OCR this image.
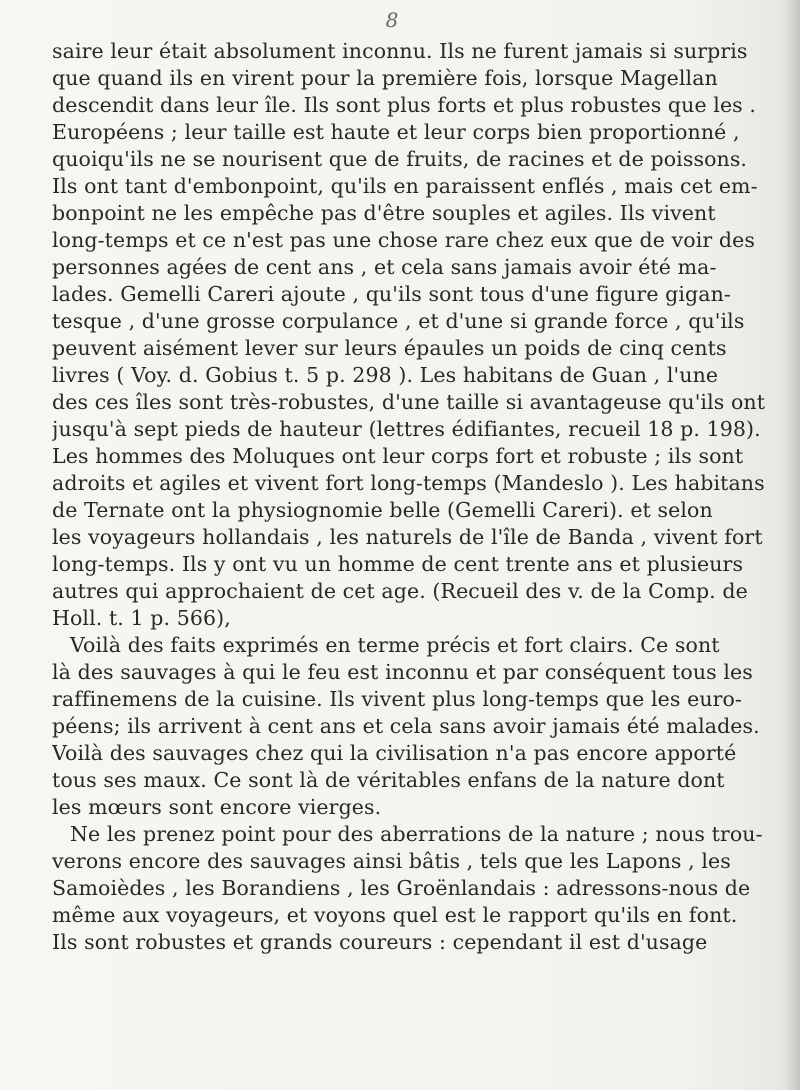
8
saire leur était absolument inconnu. Ils ne furent jamais si surpris
que quand ils en virent pour la première fois, lorsque Magellan
descendit dans leur île. Ils sont plus forts et plus robustes que les .
Européens ; leur taille est haute et leur corps bien proportionné ,
quoiqu'ils ne se nourisent que de fruits, de racines et de poissons.
Ils ont tant d'embonpoint, qu'ils en paraissent enflés , mais cet em-
bonpoint ne les empêche pas d'être souples et agiles. Ils vivent
long-temps et ce n'est pas une chose rare chez eux que de voir des
personnes agées de cent ans , et cela sans jamais avoir été ma-
lades. Gemelli Careri ajoute , qu'ils sont tous d'une figure gigan-
tesque , d'une grosse corpulance , et d'une si grande force , qu'ils
peuvent aisément lever sur leurs épaules un poids de cinq cents
livres ( Voy. d. Gobius t. 5 p. 298 ). Les habitans de Guan , l'une
des ces îles sont très-robustes, d'une taille si avantageuse qu'ils ont
jusqu'à sept pieds de hauteur (lettres édifiantes, recueil 18 p. 198).
Les hommes des Moluques ont leur corps fort et robuste ; ils sont
adroits et agiles et vivent fort long-temps (Mandeslo ). Les habitans
de Ternate ont la physiognomie belle (Gemelli Careri). et selon
les voyageurs hollandais , les naturels de l'île de Banda , vivent fort
long-temps. Ils y ont vu un homme de cent trente ans et plusieurs
autres qui approchaient de cet age. (Recueil des v. de la Comp. de
Holl. t. 1 p. 566),
Voilà des faits exprimés en terme précis et fort clairs. Ce sont
là des sauvages à qui le feu est inconnu et par conséquent tous les
raffinemens de la cuisine. Ils vivent plus long-temps que les euro-
péens; ils arrivent à cent ans et cela sans avoir jamais été malades.
Voilà des sauvages chez qui la civilisation n'a pas encore apporté
tous ses maux. Ce sont là de véritables enfans de la nature dont
les mœurs sont encore vierges.
Ne les prenez point pour des aberrations de la nature ; nous trou-
verons encore des sauvages ainsi bâtis , tels que les Lapons , les
Samoièdes , les Borandiens , les Groënlandais : adressons-nous de
même aux voyageurs, et voyons quel est le rapport qu'ils en font.
Ils sont robustes et grands coureurs : cependant il est d'usage
